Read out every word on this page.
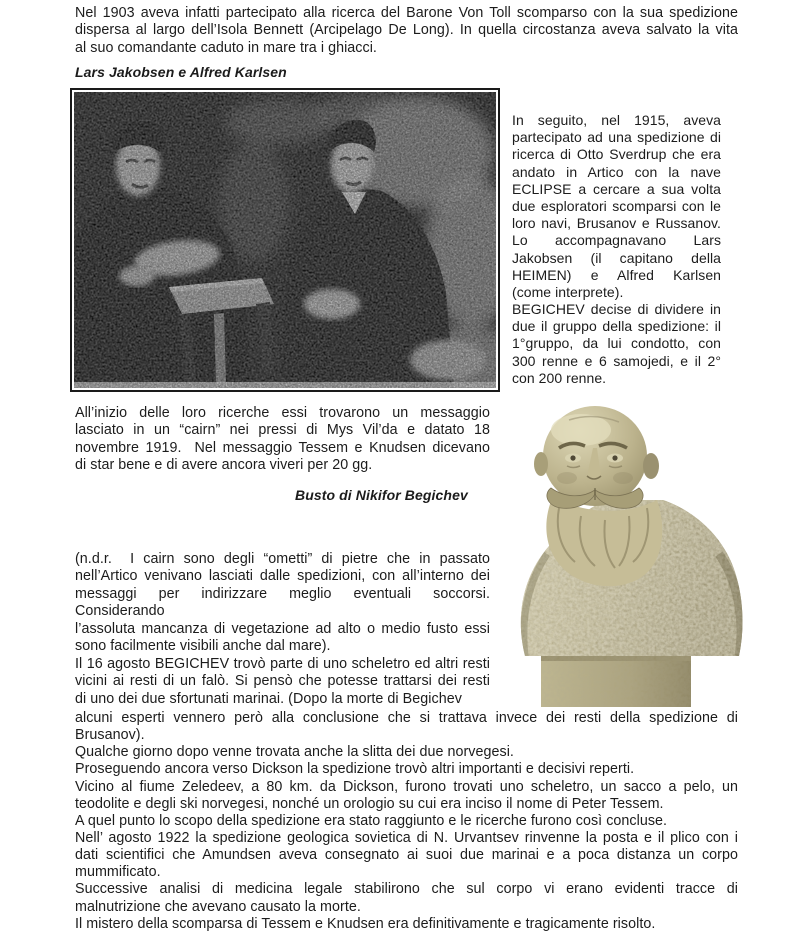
Nel 1903 aveva infatti partecipato alla ricerca del Barone Von Toll scomparso con la sua spedizione
dispersa al largo dell’Isola Bennett (Arcipelago De Long). In quella circostanza aveva salvato la vita
al suo comandante caduto in mare tra i ghiacci.
Lars Jakobsen e Alfred Karlsen
In seguito, nel 1915, aveva
partecipato ad una spedizione di
ricerca di Otto Sverdrup che era
andato in Artico con la nave
ECLIPSE a cercare a sua volta
due esploratori scomparsi con le
loro navi, Brusanov e Russanov.
Lo accompagnavano Lars
Jakobsen (il capitano della
HEIMEN) e Alfred Karlsen
(come interprete).
BEGICHEV decise di dividere in
due il gruppo della spedizione: il
1°gruppo, da lui condotto, con
300 renne e 6 samojedi, e il 2°
con 200 renne.
All’inizio delle loro ricerche essi trovarono un messaggio
lasciato in un “cairn” nei pressi di Mys Vil’da e datato 18
novembre 1919.  Nel messaggio Tessem e Knudsen dicevano
di star bene e di avere ancora viveri per 20 gg.
Busto di Nikifor Begichev
(n.d.r.  I cairn sono degli “ometti” di pietre che in passato
nell’Artico venivano lasciati dalle spedizioni, con all’interno dei
messaggi per indirizzare meglio eventuali soccorsi.
Considerando
l’assoluta mancanza di vegetazione ad alto o medio fusto essi
sono facilmente visibili anche dal mare).
Il 16 agosto BEGICHEV trovò parte di uno scheletro ed altri resti
vicini ai resti di un falò. Si pensò che potesse trattarsi dei resti
di uno dei due sfortunati marinai. (Dopo la morte di Begichev
alcuni esperti vennero però alla conclusione che si trattava invece dei resti della spedizione di
Brusanov).
Qualche giorno dopo venne trovata anche la slitta dei due norvegesi.
Proseguendo ancora verso Dickson la spedizione trovò altri importanti e decisivi reperti.
Vicino al fiume Zeledeev, a 80 km. da Dickson, furono trovati uno scheletro, un sacco a pelo, un
teodolite e degli ski norvegesi, nonché un orologio su cui era inciso il nome di Peter Tessem.
A quel punto lo scopo della spedizione era stato raggiunto e le ricerche furono così concluse.
Nell’ agosto 1922 la spedizione geologica sovietica di N. Urvantsev rinvenne la posta e il plico con i
dati scientifici che Amundsen aveva consegnato ai suoi due marinai e a poca distanza un corpo
mummificato.
Successive analisi di medicina legale stabilirono che sul corpo vi erano evidenti tracce di
malnutrizione che avevano causato la morte.
Il mistero della scomparsa di Tessem e Knudsen era definitivamente e tragicamente risolto.
